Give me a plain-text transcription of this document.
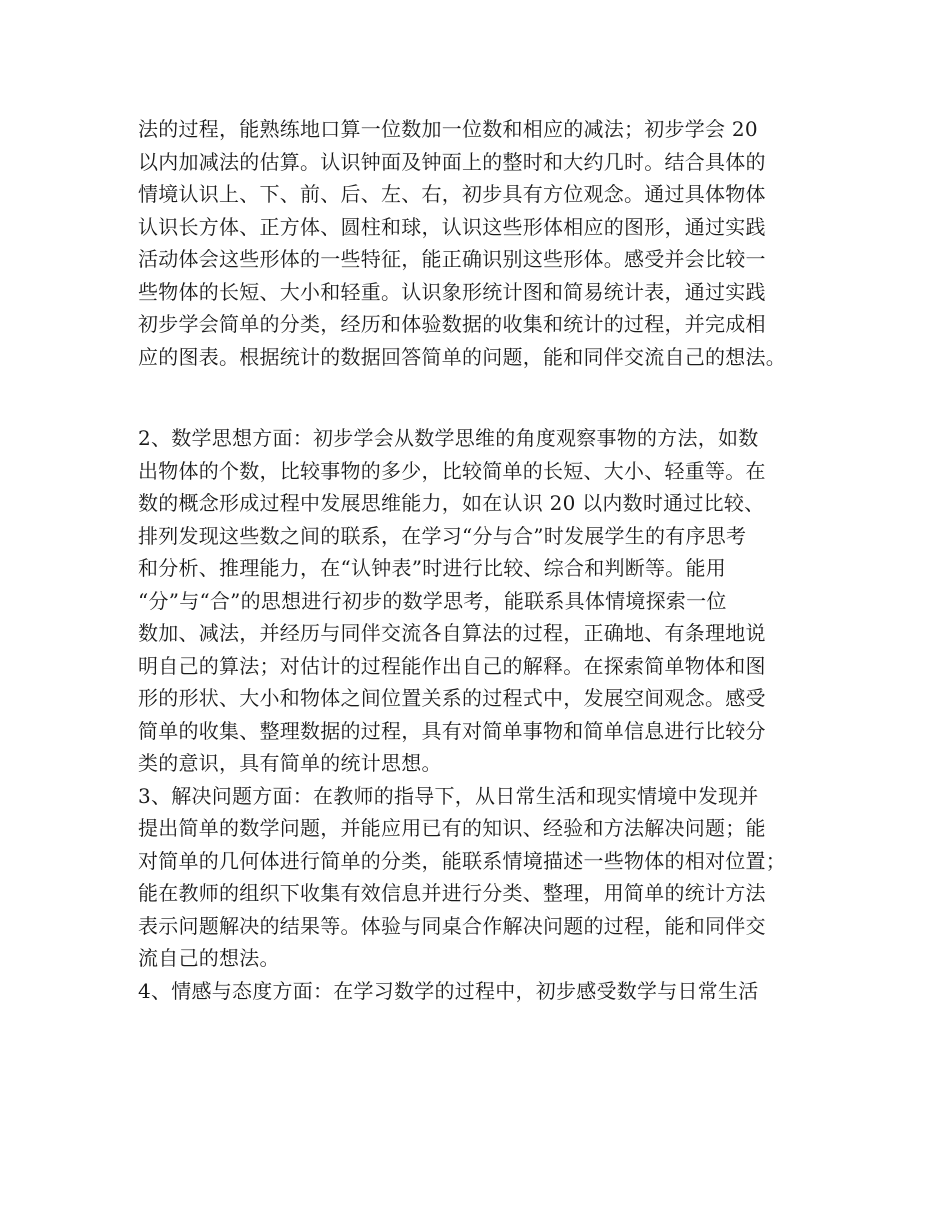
法的过程，能熟练地口算一位数加一位数和相应的减法；初步学会 20
以内加减法的估算。认识钟面及钟面上的整时和大约几时。结合具体的
情境认识上、下、前、后、左、右，初步具有方位观念。通过具体物体
认识长方体、正方体、圆柱和球，认识这些形体相应的图形，通过实践
活动体会这些形体的一些特征，能正确识别这些形体。感受并会比较一
些物体的长短、大小和轻重。认识象形统计图和简易统计表，通过实践
初步学会简单的分类，经历和体验数据的收集和统计的过程，并完成相
应的图表。根据统计的数据回答简单的问题，能和同伴交流自己的想法。
2、数学思想方面：初步学会从数学思维的角度观察事物的方法，如数
出物体的个数，比较事物的多少，比较简单的长短、大小、轻重等。在
数的概念形成过程中发展思维能力，如在认识 20 以内数时通过比较、
排列发现这些数之间的联系，在学习“分与合”时发展学生的有序思考
和分析、推理能力，在“认钟表”时进行比较、综合和判断等。能用
“分”与“合”的思想进行初步的数学思考，能联系具体情境探索一位
数加、减法，并经历与同伴交流各自算法的过程，正确地、有条理地说
明自己的算法；对估计的过程能作出自己的解释。在探索简单物体和图
形的形状、大小和物体之间位置关系的过程式中，发展空间观念。感受
简单的收集、整理数据的过程，具有对简单事物和简单信息进行比较分
类的意识，具有简单的统计思想。
3、解决问题方面：在教师的指导下，从日常生活和现实情境中发现并
提出简单的数学问题，并能应用已有的知识、经验和方法解决问题；能
对简单的几何体进行简单的分类，能联系情境描述一些物体的相对位置；
能在教师的组织下收集有效信息并进行分类、整理，用简单的统计方法
表示问题解决的结果等。体验与同桌合作解决问题的过程，能和同伴交
流自己的想法。
4、情感与态度方面：在学习数学的过程中，初步感受数学与日常生活
